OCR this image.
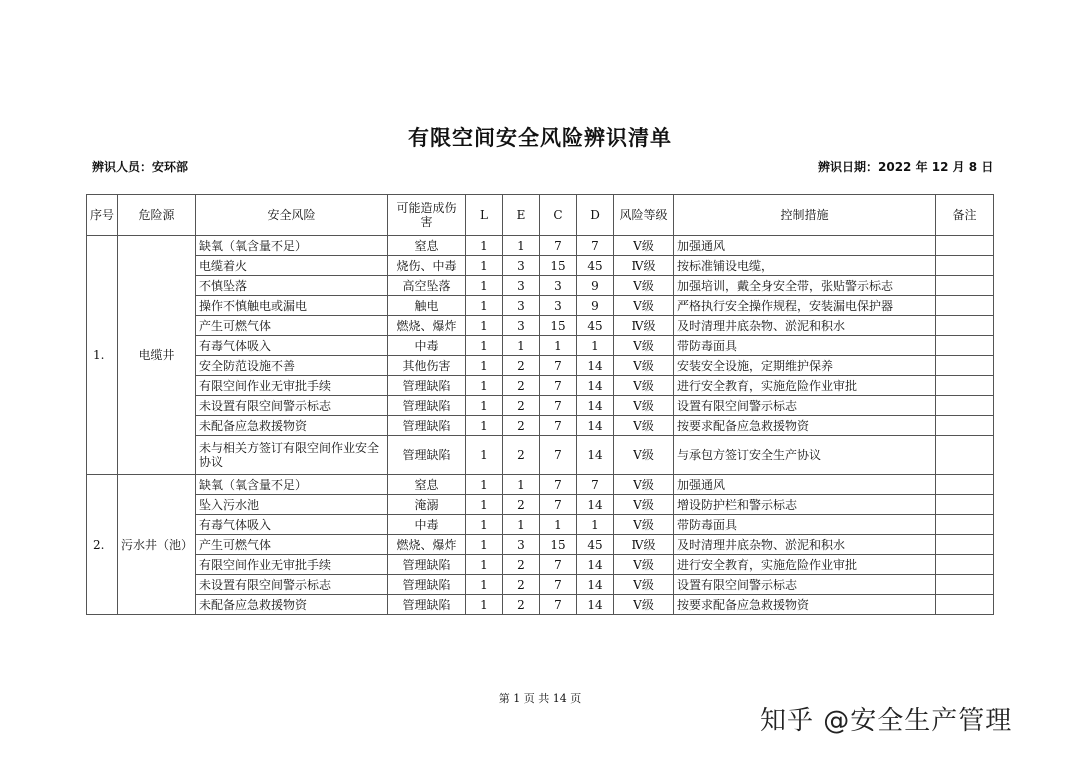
有限空间安全风险辨识清单
辨识人员：安环部	辨识日期：2022 年 12 月 8 日
序号	危险源	安全风险	可能造成伤害	L	E	C	D	风险等级	控制措施	备注
1.	电缆井	缺氧（氧含量不足）	窒息	1	1	7	7	Ⅴ级	加强通风	
		电缆着火	烧伤、中毒	1	3	15	45	Ⅳ级	按标准铺设电缆，	
		不慎坠落	高空坠落	1	3	3	9	Ⅴ级	加强培训，戴全身安全带，张贴警示标志	
		操作不慎触电或漏电	触电	1	3	3	9	Ⅴ级	严格执行安全操作规程，安装漏电保护器	
		产生可燃气体	燃烧、爆炸	1	3	15	45	Ⅳ级	及时清理井底杂物、淤泥和积水	
		有毒气体吸入	中毒	1	1	1	1	Ⅴ级	带防毒面具	
		安全防范设施不善	其他伤害	1	2	7	14	Ⅴ级	安装安全设施，定期维护保养	
		有限空间作业无审批手续	管理缺陷	1	2	7	14	Ⅴ级	进行安全教育，实施危险作业审批	
		未设置有限空间警示标志	管理缺陷	1	2	7	14	Ⅴ级	设置有限空间警示标志	
		未配备应急救援物资	管理缺陷	1	2	7	14	Ⅴ级	按要求配备应急救援物资	
		未与相关方签订有限空间作业安全协议	管理缺陷	1	2	7	14	Ⅴ级	与承包方签订安全生产协议	
2.	污水井（池）	缺氧（氧含量不足）	窒息	1	1	7	7	Ⅴ级	加强通风	
		坠入污水池	淹溺	1	2	7	14	Ⅴ级	增设防护栏和警示标志	
		有毒气体吸入	中毒	1	1	1	1	Ⅴ级	带防毒面具	
		产生可燃气体	燃烧、爆炸	1	3	15	45	Ⅳ级	及时清理井底杂物、淤泥和积水	
		有限空间作业无审批手续	管理缺陷	1	2	7	14	Ⅴ级	进行安全教育，实施危险作业审批	
		未设置有限空间警示标志	管理缺陷	1	2	7	14	Ⅴ级	设置有限空间警示标志	
		未配备应急救援物资	管理缺陷	1	2	7	14	Ⅴ级	按要求配备应急救援物资	
第 1 页 共 14 页
知乎 @安全生产管理
